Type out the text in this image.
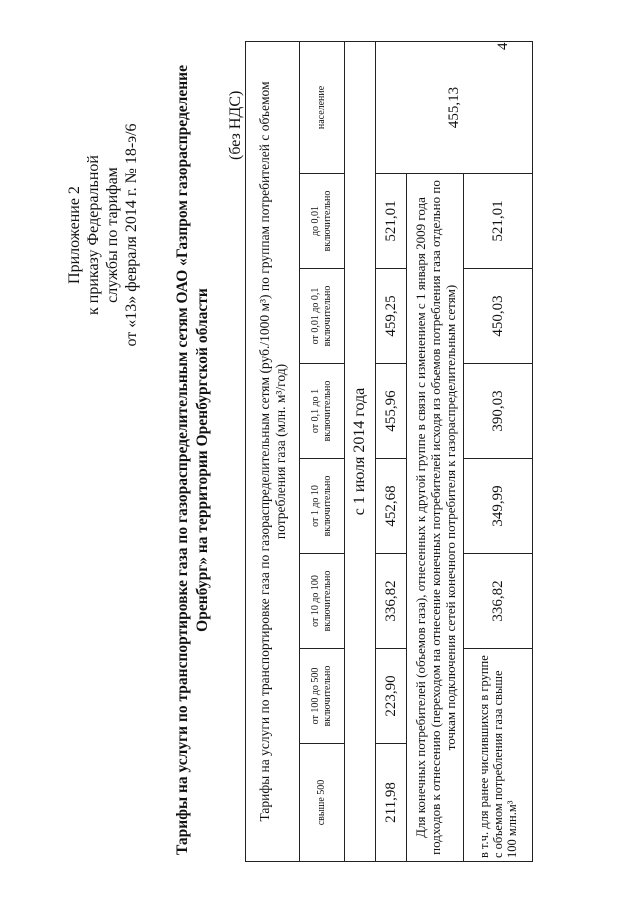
Приложение 2 к приказу Федеральной службы по тарифам от «13» февраля 2014 г. № 18-э/6 Тарифы на услуги по транспортировке газа по газораспределительным сетям ОАО «Газпром газораспределение Оренбург» на территории Оренбургской области
(без НДС) Тарифы на услуги по транспортировке газа по газораспределительным сетям (руб./1000 м³) по группам потребителей с объемом потребления газа (млн. м³/год)							
свыше 500	от 100 до 500 включительно	от 10 до 100 включительно	от 1 до 10 включительно	от 0,1 до 1 включительно	от 0,01 до 0,1 включительно	до 0,01 включительно	население
с 1 июля 2014 года							
211,98	223,90	336,82	452,68	455,96	459,25	521,01	455,13
Для конечных потребителей (объемов газа), отнесенных к другой группе в связи с изменением с 1 января 2009 года подходов к отнесению (переходом на отнесение конечных потребителей исходя из объемов потребления газа отдельно по точкам подключения сетей конечного потребителя к газораспределительным сетям)							
в т.ч. для ранее числившихся в группе с объемом потребления газа свыше 100 млн.м³		336,82	349,99	390,03	450,03	521,01	
4
